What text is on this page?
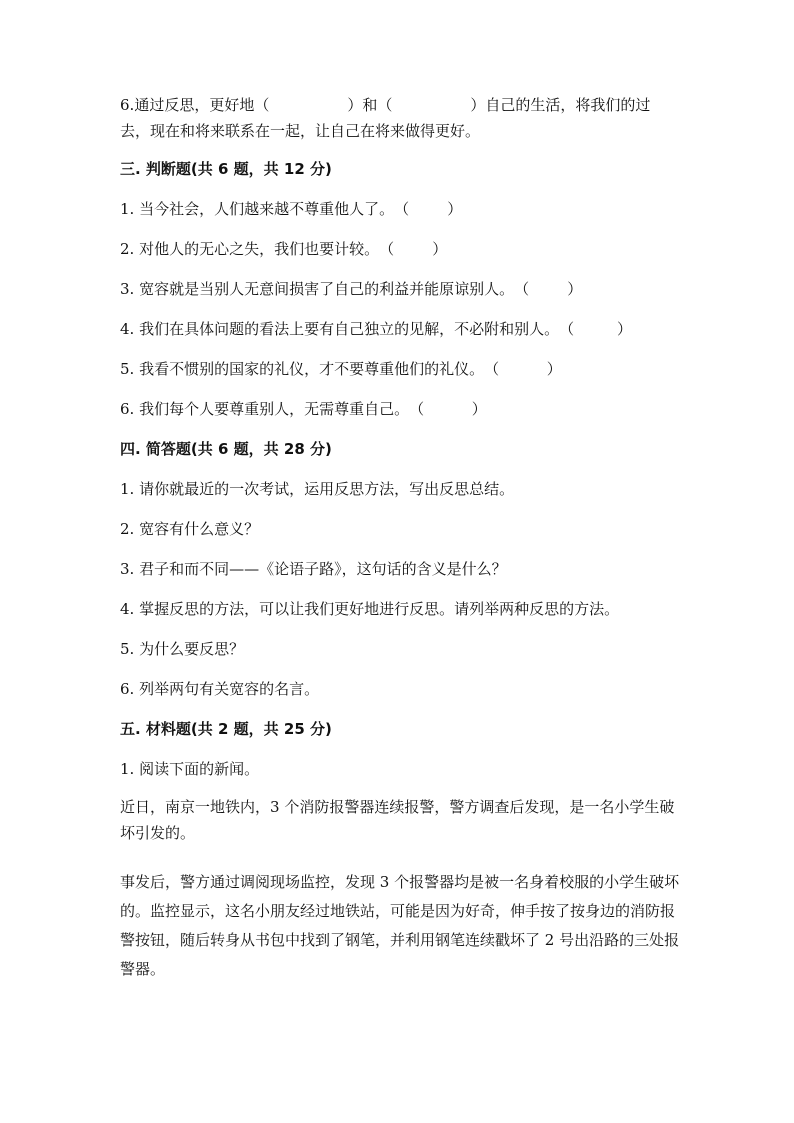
6.通过反思，更好地（	）和（	）自己的生活，将我们的过去，现在和将来联系在一起，让自己在将来做得更好。

三. 判断题(共 6 题，共 12 分)

1. 当今社会，人们越来越不尊重他人了。（        ）

2. 对他人的无心之失，我们也要计较。（        ）

3. 宽容就是当别人无意间损害了自己的利益并能原谅别人。（        ）

4. 我们在具体问题的看法上要有自己独立的见解，不必附和别人。（         ）

5. 我看不惯别的国家的礼仪，才不要尊重他们的礼仪。（          ）

6. 我们每个人要尊重别人，无需尊重自己。（          ）

四. 简答题(共 6 题，共 28 分)

1. 请你就最近的一次考试，运用反思方法，写出反思总结。

2. 宽容有什么意义？

3. 君子和而不同——《论语子路》，这句话的含义是什么？

4. 掌握反思的方法，可以让我们更好地进行反思。请列举两种反思的方法。

5. 为什么要反思？

6. 列举两句有关宽容的名言。

五. 材料题(共 2 题，共 25 分)

1. 阅读下面的新闻。

近日，南京一地铁内，3 个消防报警器连续报警，警方调查后发现，是一名小学生破坏引发的。

事发后，警方通过调阅现场监控，发现 3 个报警器均是被一名身着校服的小学生破坏的。监控显示，这名小朋友经过地铁站，可能是因为好奇，伸手按了按身边的消防报警按钮，随后转身从书包中找到了钢笔，并利用钢笔连续戳坏了 2 号出沿路的三处报警器。
